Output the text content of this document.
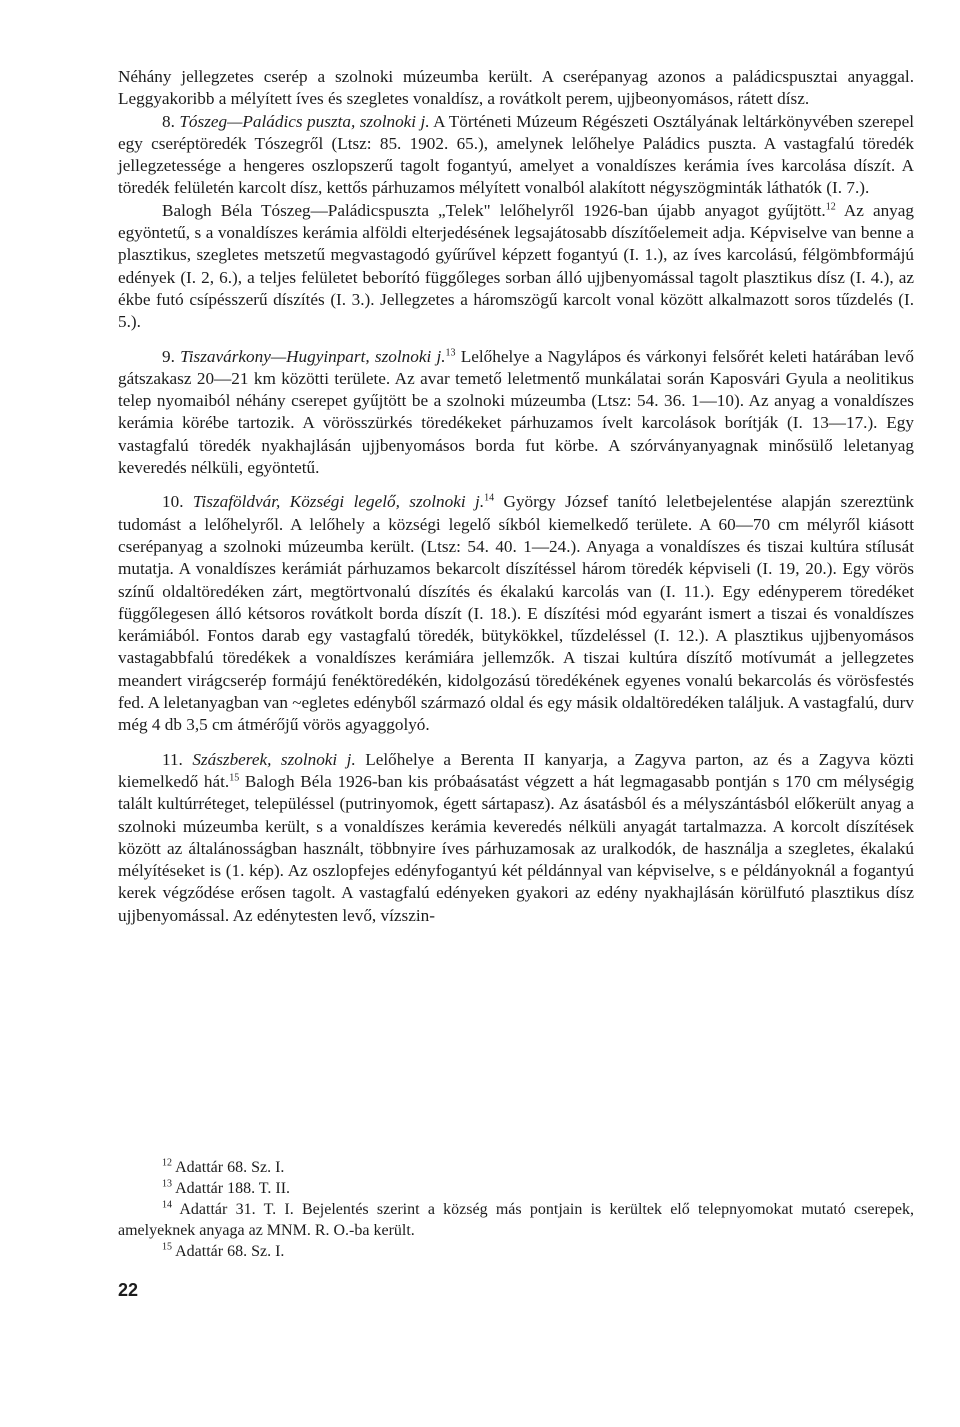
Néhány jellegzetes cserép a szolnoki múzeumba került. A cserépanyag azonos a paládicspusztai anyaggal. Leggyakoribb a mélyített íves és szegletes vonaldísz, a rovátkolt perem, ujjbeonyomásos, rátett dísz.

8. Tószeg—Paládics puszta, szolnoki j. A Történeti Múzeum Régészeti Osztályának leltárkönyvében szerepel egy cseréptöredék Tószegről (Ltsz: 85. 1902. 65.), amelynek lelőhelye Paládics puszta. A vastagfalú töredék jellegzetessége a hengeres oszlopszerű tagolt fogantyú, amelyet a vonaldíszes kerámia íves karcolása díszít. A töredék felületén karcolt dísz, kettős párhuzamos mélyített vonalból alakított négyszögminták láthatók (I. 7.).

Balogh Béla Tószeg—Paládicspuszta „Telek" lelőhelyről 1926-ban újabb anyagot gyűjtött.$^{12}$ Az anyag egyöntetű, s a vonaldíszes kerámia alföldi elterjedésének legsajátosabb díszítőelemeit adja. Képviselve van benne a plasztikus, szegletes metszetű megvastagodó gyűrűvel képzett fogantyú (I. 1.), az íves karcolású, félgömbformájú edények (I. 2, 6.), a teljes felületet beborító függőleges sorban álló ujjbenyomással tagolt plasztikus dísz (I. 4.), az ékbe futó csípésszerű díszítés (I. 3.). Jellegzetes a háromszögű karcolt vonal között alkalmazott soros tűzdelés (I. 5.).

9. Tiszavárkony—Hugyinpart, szolnoki j.$^{13}$ Lelőhelye a Nagylápos és várkonyi felsőrét keleti határában levő gátszakasz 20—21 km közötti területe. Az avar temető leletmentő munkálatai során Kaposvári Gyula a neolitikus telep nyomaiból néhány cserepet gyűjtött be a szolnoki múzeumba (Ltsz: 54. 36. 1—10). Az anyag a vonaldíszes kerámia körébe tartozik. A vörösszürkés töredékeket párhuzamos ívelt karcolások borítják (I. 13—17.). Egy vastagfalú töredék nyakhajlásán ujjbenyomásos borda fut körbe. A szórványanyagnak minősülő leletanyag keveredés nélküli, egyöntetű.

10. Tiszaföldvár, Községi legelő, szolnoki j.$^{14}$ György József tanító leletbejelentése alapján szereztünk tudomást a lelőhelyről. A lelőhely a községi legelő síkból kiemelkedő területe. A 60—70 cm mélyről kiásott cserépanyag a szolnoki múzeumba került. (Ltsz: 54. 40. 1—24.). Anyaga a vonaldíszes és tiszai kultúra stílusát mutatja. A vonaldíszes kerámiát párhuzamos bekarcolt díszítéssel három töredék képviseli (I. 19, 20.). Egy vörös színű oldaltöredéken zárt, megtörtvonalú díszítés és ékalakú karcolás van (I. 11.). Egy edényperem töredéket függőlegesen álló kétsoros rovátkolt borda díszít (I. 18.). E díszítési mód egyaránt ismert a tiszai és vonaldíszes kerámiából. Fontos darab egy vastagfalú töredék, bütykökkel, tűzdeléssel (I. 12.). A plasztikus ujjbenyomásos vastagabbfalú töredékek a vonaldíszes kerámiára jellemzők. A tiszai kultúra díszítő motívumát a jellegzetes meandert virágcserép formájú fenéktöredékén, kidolgozású töredékének egyenes vonalú bekarcolás és vörösfestés fed. A leletanyagban van ~egletes edényből származó oldal és egy másik oldaltöredéken találjuk. A vastagfalú, durv még 4 db 3,5 cm átmérőjű vörös agyaggolyó.

11. Szászberek, szolnoki j. Lelőhelye a Berenta II kanyarja, a Zagyva parton, az és a Zagyva közti kiemelkedő hát.$^{15}$ Balogh Béla 1926-ban kis próbaásatást végzett a hát legmagasabb pontján s 170 cm mélységig talált kultúrréteget, településsel (putrinyomok, égett sártapasz). Az ásatásból és a mélyszántásból előkerült anyag a szolnoki múzeumba került, s a vonaldíszes kerámia keveredés nélküli anyagát tartalmazza. A korcolt díszítések között az általánosságban használt, többnyire íves párhuzamosak az uralkodók, de használja a szegletes, ékalakú mélyítéseket is (1. kép). Az oszlopfejes edényfogantyú két példánnyal van képviselve, s e példányoknál a fogantyú kerek végződése erősen tagolt. A vastagfalú edényeken gyakori az edény nyakhajlásán körülfutó plasztikus dísz ujjbenyomással. Az edénytesten levő, vízszin-

$^{12}$ Adattár 68. Sz. I.

$^{13}$ Adattár 188. T. II.

$^{14}$ Adattár 31. T. I. Bejelentés szerint a község más pontjain is kerültek elő telepnyomokat mutató cserepek, amelyeknek anyaga az MNM. R. O.-ba került.

$^{15}$ Adattár 68. Sz. I.

22
